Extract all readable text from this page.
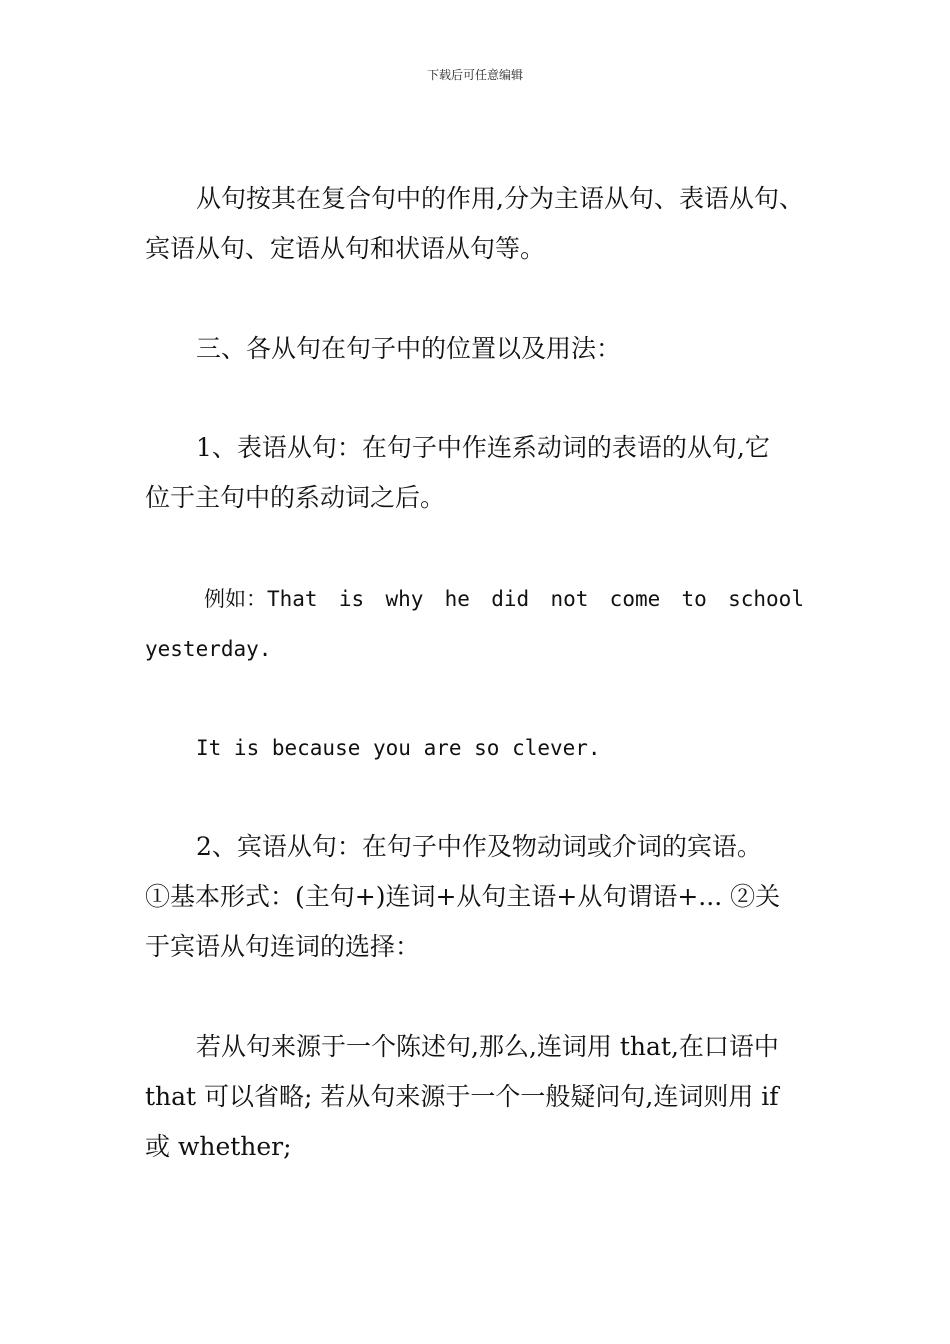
下载后可任意编辑
从句按其在复合句中的作用,分为主语从句、表语从句、
宾语从句、定语从句和状语从句等。
三、各从句在句子中的位置以及用法：
1、表语从句：在句子中作连系动词的表语的从句,它
位于主句中的系动词之后。
例如：That is why he did not come to school
yesterday.
It is because you are so clever.
2、宾语从句：在句子中作及物动词或介词的宾语。
①基本形式：(主句+)连词+从句主语+从句谓语+... ②关
于宾语从句连词的选择：
若从句来源于一个陈述句,那么,连词用 that,在口语中
that 可以省略; 若从句来源于一个一般疑问句,连词则用 if
或 whether;
